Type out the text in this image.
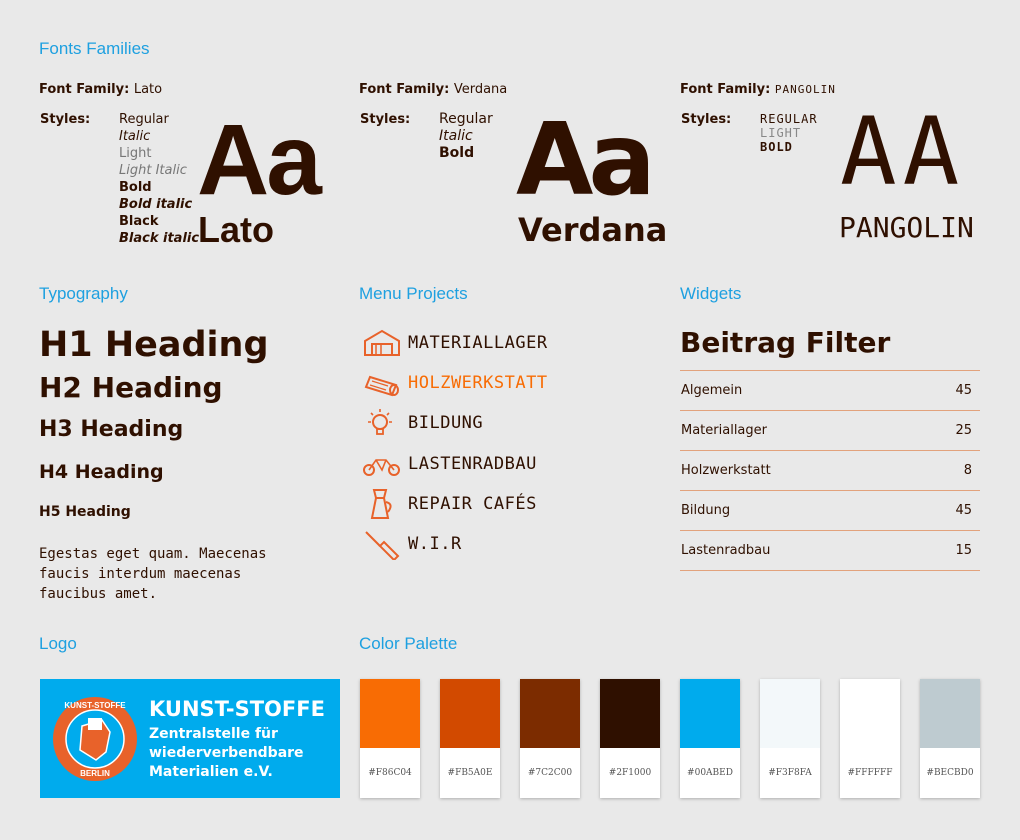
Fonts Families
Typography	Menu Projects	Widgets
Logo	Color Palette
Font Family: Lato
Styles: Regular
Italic
Light
Light Italic
Bold
Bold italic
Black
Black italic
Aa
Lato
Font Family: Verdana
Styles: Regular
Italic
Bold Aa
Verdana
Font Family: PANGOLIN
Styles: REGULAR
LIGHT
BOLD AA
PANGOLIN
H1 Heading
H2 Heading
H3 Heading
H4 Heading
H5 Heading
Egestas eget quam. Maecenas faucis interdum maecenas faucibus amet.
MATERIALLAGER
HOLZWERKSTATT
BILDUNG
LASTENRADBAU
REPAIR CAFÉS
W.I.R
Beitrag Filter
Algemein	45
Materiallager	25
Holzwerkstatt	8
Bildung	45
Lastenradbau	15
KUNST-STOFFE
BERLIN
KUNST-STOFFE
Zentralstelle für
wiederverbendbare
Materialien e.V.	#F86C04	#FB5A0E	#7C2C00	#2F1000	#00ABED	#F3F8FA	#FFFFFF	#BECBD0
